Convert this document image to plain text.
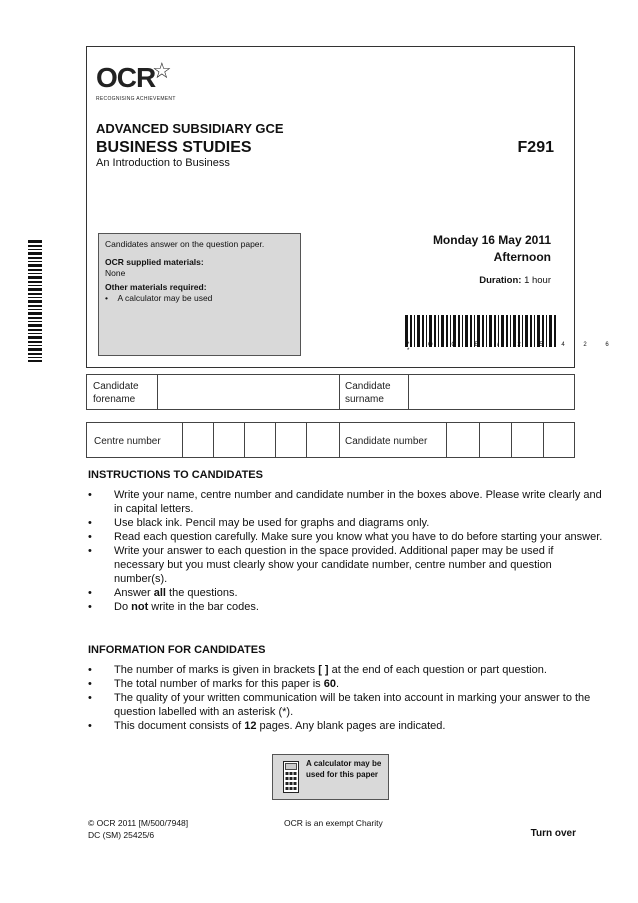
OCR
☆
RECOGNISING ACHIEVEMENT
ADVANCED SUBSIDIARY GCE
BUSINESS STUDIES
An Introduction to Business
F291
Candidates answer on the question paper.
OCR supplied materials:
None
Other materials required:
•    A calculator may be used
Monday 16 May 2011
Afternoon
Duration: 1 hour
* O C E / 2 5 4 2 6 *
Candidate forename
Candidate surname
Centre number	Candidate number
INSTRUCTIONS TO CANDIDATES
• Write your name, centre number and candidate number in the boxes above. Please write clearly and in capital letters.
• Use black ink. Pencil may be used for graphs and diagrams only.
• Read each question carefully. Make sure you know what you have to do before starting your answer.
• Write your answer to each question in the space provided. Additional paper may be used if necessary but you must clearly show your candidate number, centre number and question number(s).
• Answer all the questions.
• Do not write in the bar codes.
INFORMATION FOR CANDIDATES
• The number of marks is given in brackets [ ] at the end of each question or part question.
• The total number of marks for this paper is 60.
• The quality of your written communication will be taken into account in marking your answer to the question labelled with an asterisk (*).
• This document consists of 12 pages. Any blank pages are indicated.
A calculator may be used for this paper
© OCR 2011 [M/500/7948]
DC (SM) 25425/6
OCR is an exempt Charity
Turn over
